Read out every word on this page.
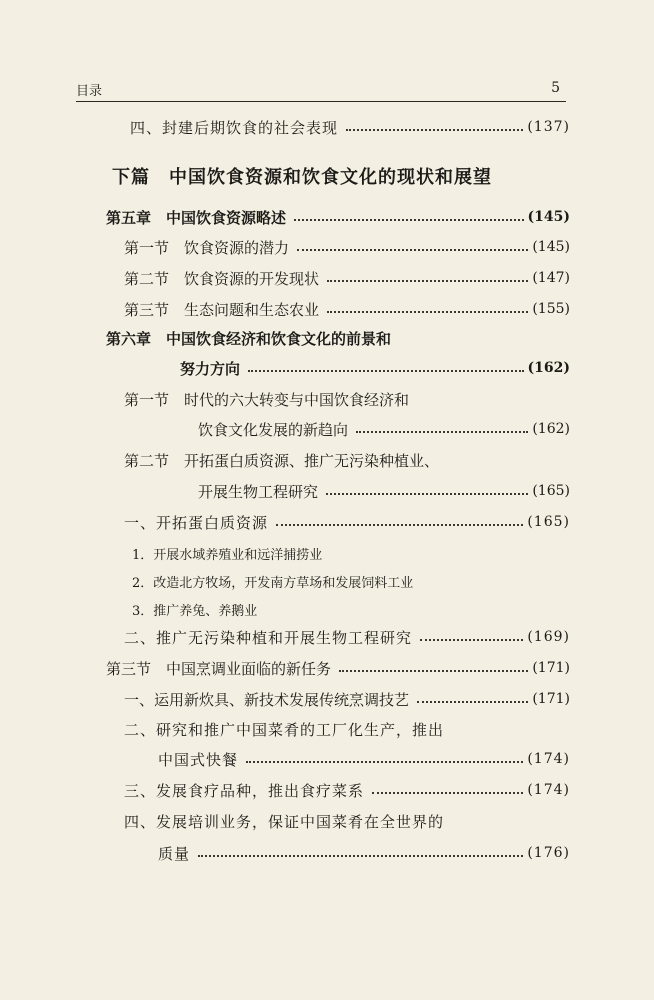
目录	5
四、封建后期饮食的社会表现	(137)
下篇　中国饮食资源和饮食文化的现状和展望
第五章　中国饮食资源略述	(145)
第一节　饮食资源的潜力	(145)
第二节　饮食资源的开发现状	(147)
第三节　生态问题和生态农业	(155)
第六章　中国饮食经济和饮食文化的前景和
努力方向	(162)
第一节　时代的六大转变与中国饮食经济和
饮食文化发展的新趋向	(162)
第二节　开拓蛋白质资源、推广无污染种植业、
开展生物工程研究	(165)
一、开拓蛋白质资源	(165)
1．开展水域养殖业和远洋捕捞业
2．改造北方牧场，开发南方草场和发展饲料工业
3．推广养兔、养鹅业
二、推广无污染种植和开展生物工程研究	(169)
第三节　中国烹调业面临的新任务	(171)
一、运用新炊具、新技术发展传统烹调技艺	(171)
二、研究和推广中国菜肴的工厂化生产，推出
中国式快餐	(174)
三、发展食疗品种，推出食疗菜系	(174)
四、发展培训业务，保证中国菜肴在全世界的
质量	(176)
